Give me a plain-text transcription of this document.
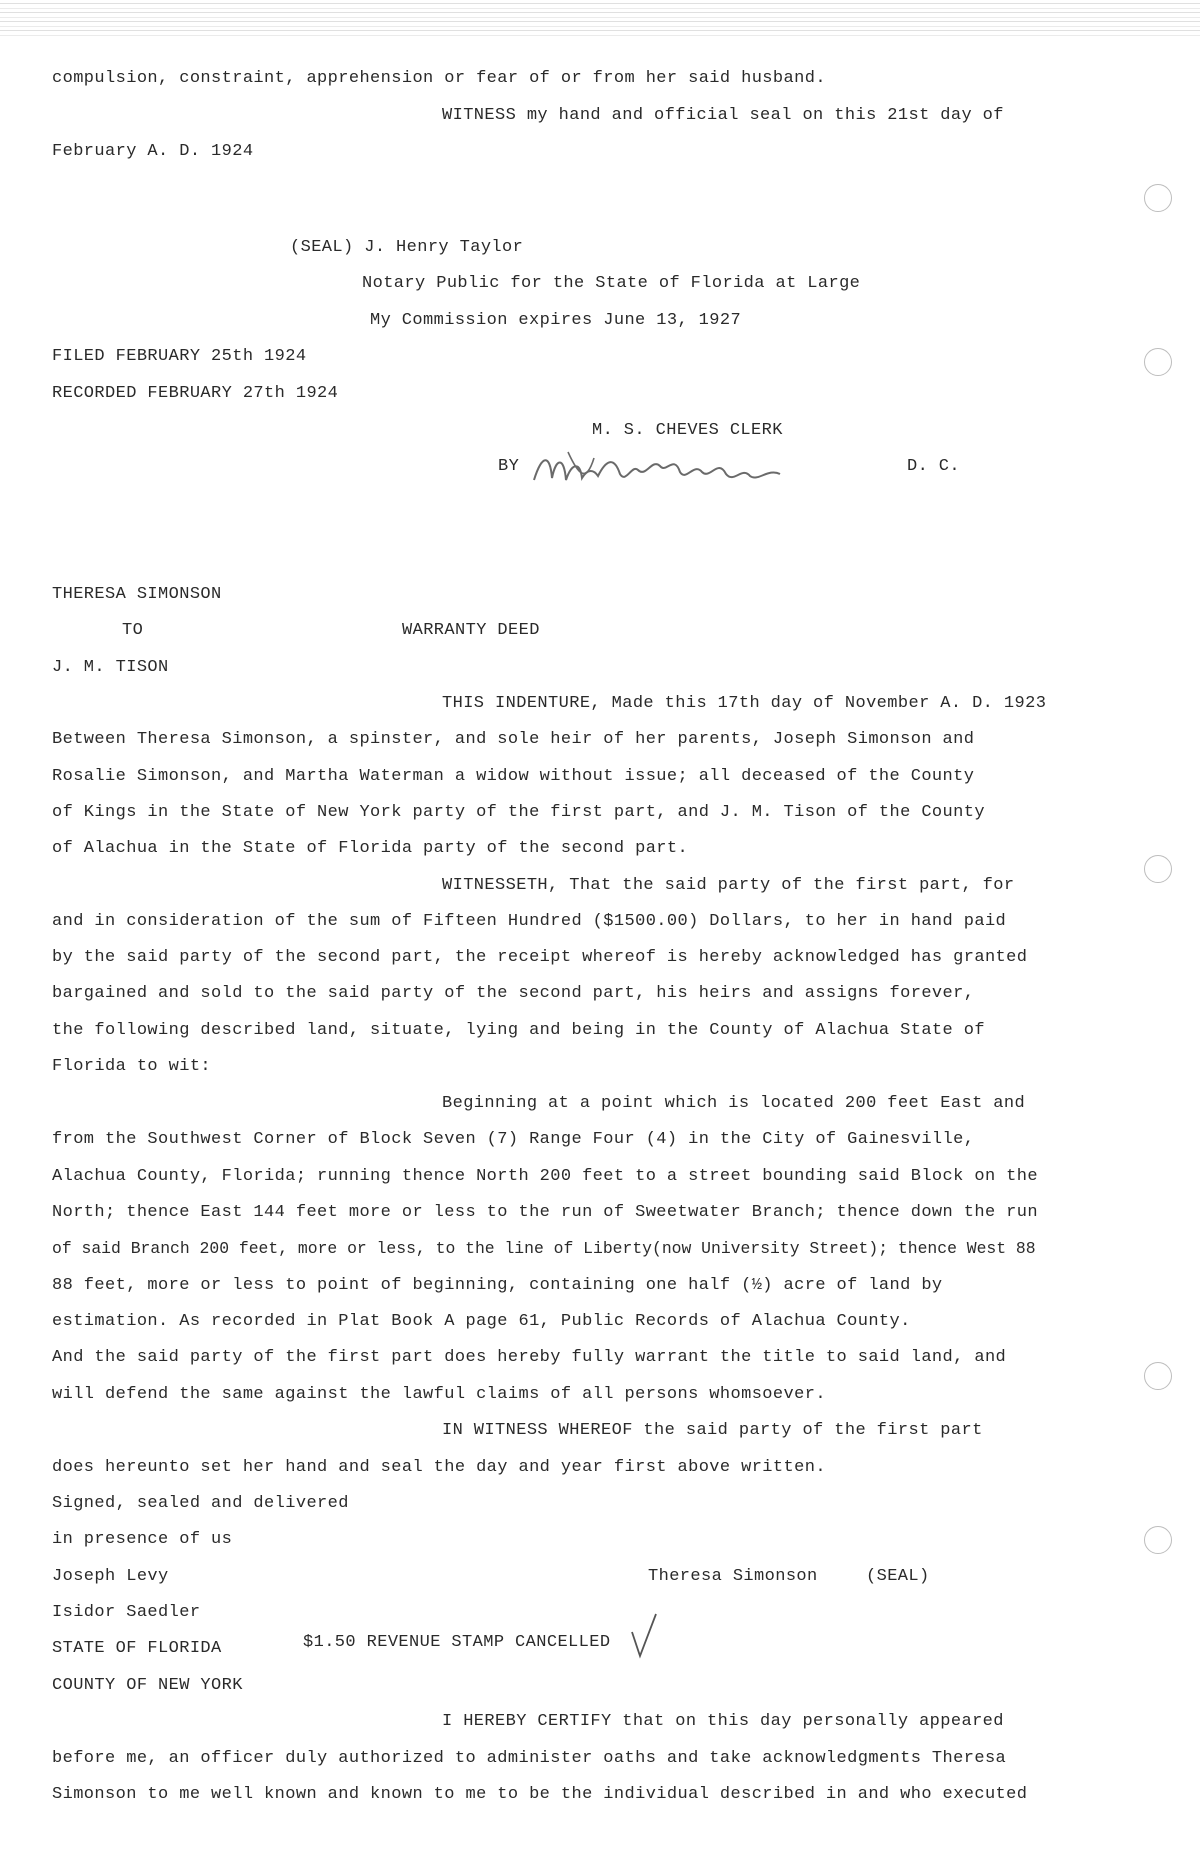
compulsion, constraint, apprehension or fear of or from her said husband.
WITNESS my hand and official seal on this 21st day of
February A. D. 1924
(SEAL) J. Henry Taylor
Notary Public for the State of Florida at Large
My Commission expires June 13, 1927
FILED FEBRUARY 25th 1924
RECORDED FEBRUARY 27th 1924
M. S. CHEVES CLERK
BY	D. C.
THERESA SIMONSON
TO	WARRANTY DEED
J. M. TISON
THIS INDENTURE, Made this 17th day of November A. D. 1923
Between Theresa Simonson, a spinster, and sole heir of her parents, Joseph Simonson and
Rosalie Simonson, and Martha Waterman a widow without issue; all deceased of the County
of Kings in the State of New York party of the first part, and J. M. Tison of the County
of Alachua in the State of Florida party of the second part.
WITNESSETH, That the said party of the first part, for
and in consideration of the sum of Fifteen Hundred ($1500.00) Dollars, to her in hand paid
by the said party of the second part, the receipt whereof is hereby acknowledged has granted
bargained and sold to the said party of the second part, his heirs and assigns forever,
the following described land, situate, lying and being in the County of Alachua State of
Florida to wit:
Beginning at a point which is located 200 feet East and
from the Southwest Corner of Block Seven (7) Range Four (4) in the City of Gainesville,
Alachua County, Florida; running thence North 200 feet to a street bounding said Block on the
North; thence East 144 feet more or less to the run of Sweetwater Branch; thence down the run
of said Branch 200 feet, more or less, to the line of Liberty(now University Street); thence West 88
88 feet, more or less to point of beginning, containing one half (½) acre of land by
estimation. As recorded in Plat Book A page 61, Public Records of Alachua County.
And the said party of the first part does hereby fully warrant the title to said land, and
will defend the same against the lawful claims of all persons whomsoever.
IN WITNESS WHEREOF the said party of the first part
does hereunto set her hand and seal the day and year first above written.
Signed, sealed and delivered
in presence of us
Joseph Levy	Theresa Simonson	(SEAL)
Isidor Saedler
STATE OF FLORIDA	$1.50 REVENUE STAMP CANCELLED
COUNTY OF NEW YORK
I HEREBY CERTIFY that on this day personally appeared
before me, an officer duly authorized to administer oaths and take acknowledgments Theresa
Simonson to me well known and known to me to be the individual described in and who executed
